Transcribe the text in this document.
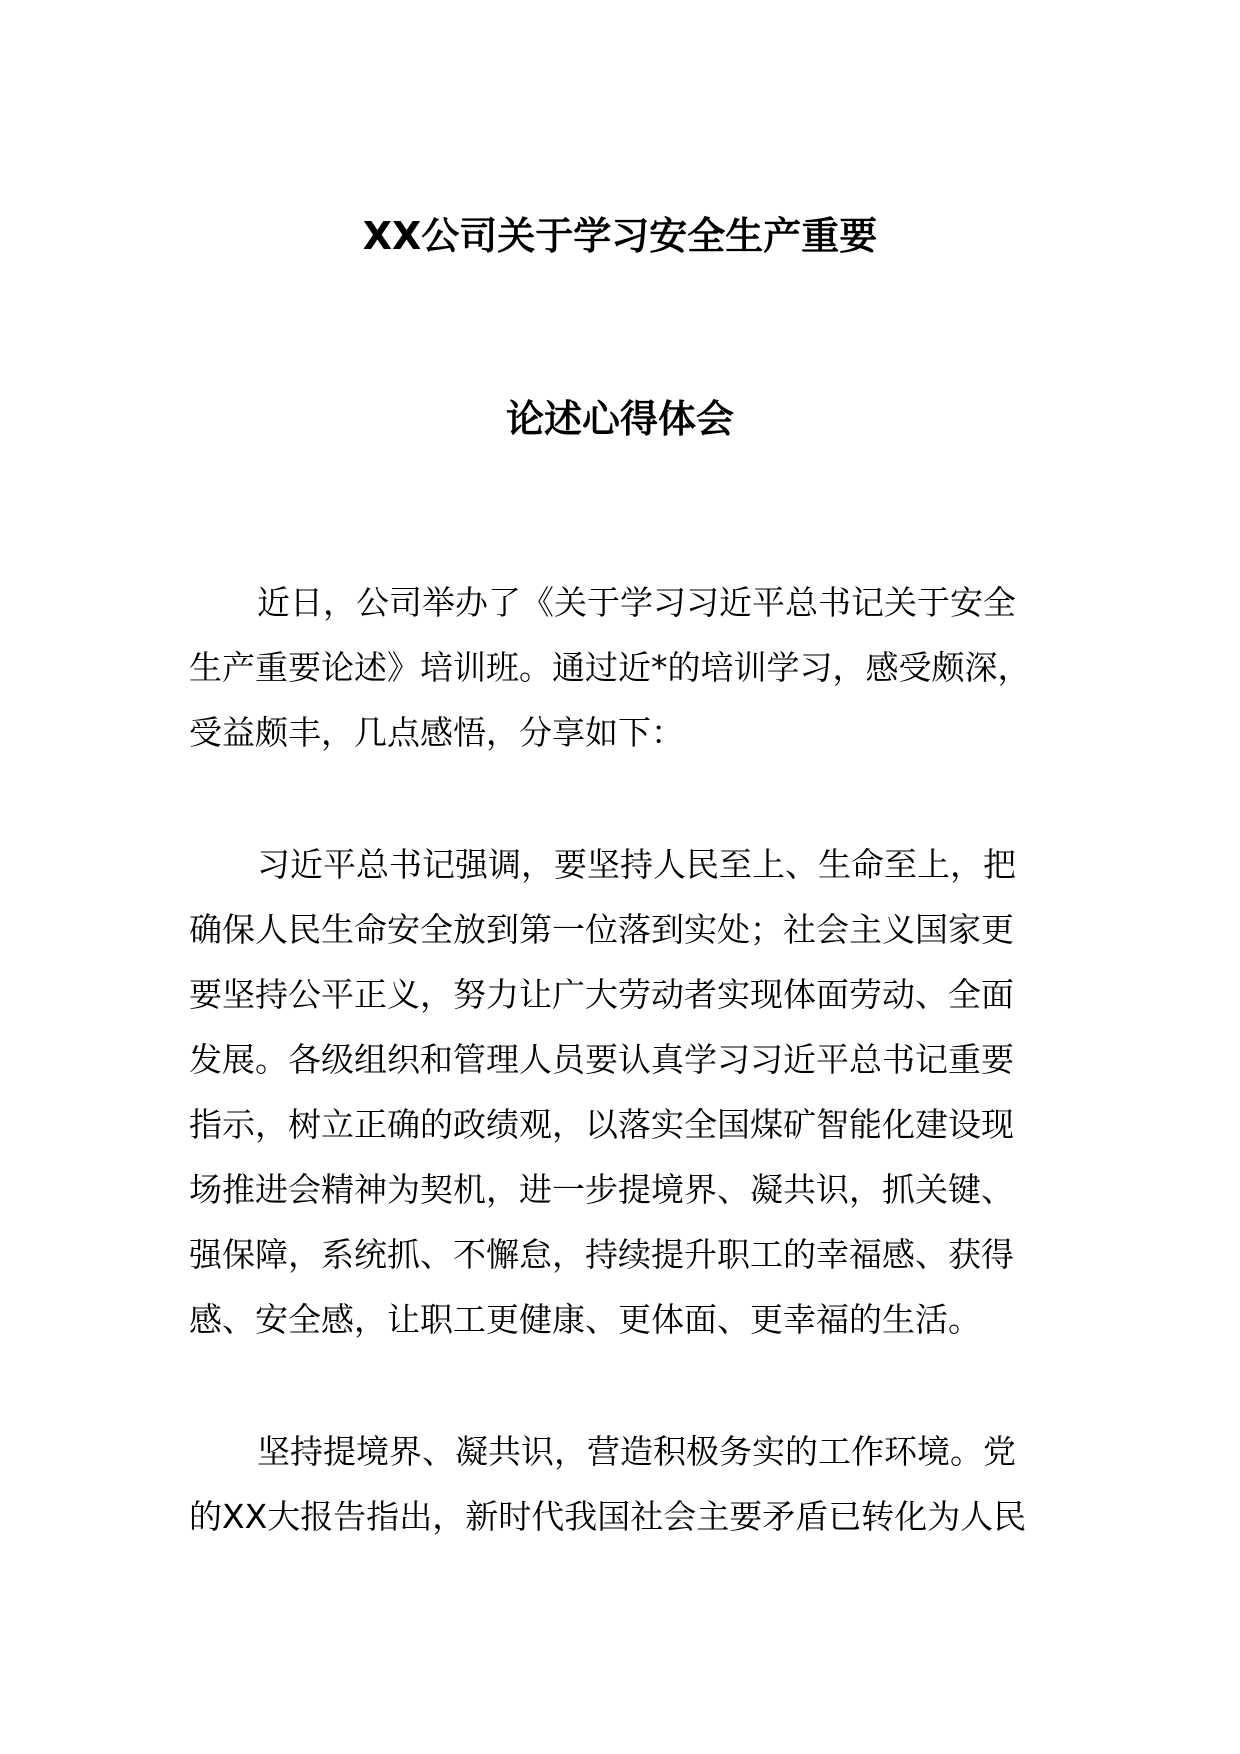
XX公司关于学习安全生产重要
论述心得体会
近日，公司举办了《关于学习习近平总书记关于安全
生产重要论述》培训班。通过近*的培训学习，感受颇深，
受益颇丰，几点感悟，分享如下：
习近平总书记强调，要坚持人民至上、生命至上，把
确保人民生命安全放到第一位落到实处；社会主义国家更
要坚持公平正义，努力让广大劳动者实现体面劳动、全面
发展。各级组织和管理人员要认真学习习近平总书记重要
指示，树立正确的政绩观，以落实全国煤矿智能化建设现
场推进会精神为契机，进一步提境界、凝共识，抓关键、
强保障，系统抓、不懈怠，持续提升职工的幸福感、获得
感、安全感，让职工更健康、更体面、更幸福的生活。
坚持提境界、凝共识，营造积极务实的工作环境。党
的XX大报告指出，新时代我国社会主要矛盾已转化为人民
